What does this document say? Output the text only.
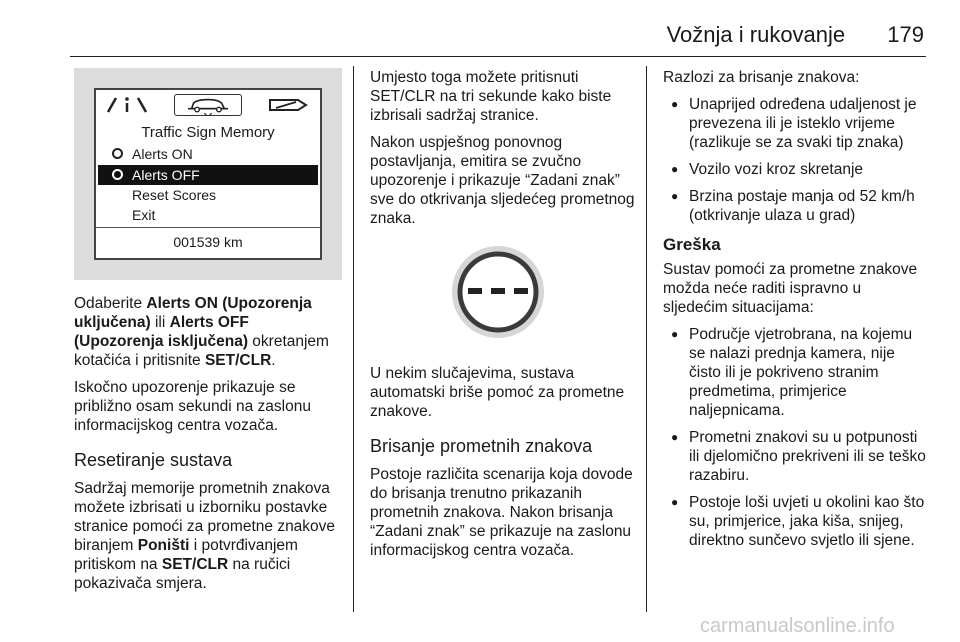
Vožnja i rukovanje 179
Traffic Sign Memory
Alerts ON
Alerts OFF
Reset Scores
Exit
001539 km

Odaberite Alerts ON (Upozorenja uključena) ili Alerts OFF (Upozorenja isključena) okretanjem kotačića i pritisnite SET/CLR.

Iskočno upozorenje prikazuje se približno osam sekundi na zaslonu informacijskog centra vozača.

Resetiranje sustava

Sadržaj memorije prometnih znakova možete izbrisati u izborniku postavke stranice pomoći za prometne znakove biranjem Poništi i potvrđivanjem pritiskom na SET/CLR na ručici pokazivača smjera.

Umjesto toga možete pritisnuti SET/CLR na tri sekunde kako biste izbrisali sadržaj stranice.

Nakon uspješnog ponovnog postavljanja, emitira se zvučno upozorenje i prikazuje “Zadani znak” sve do otkrivanja sljedećeg prometnog znaka.

U nekim slučajevima, sustava automatski briše pomoć za prometne znakove.

Brisanje prometnih znakova

Postoje različita scenarija koja dovode do brisanja trenutno prikazanih prometnih znakova. Nakon brisanja “Zadani znak” se prikazuje na zaslonu informacijskog centra vozača.

Razlozi za brisanje znakova:

● Unaprijed određena udaljenost je prevezena ili je isteklo vrijeme (razlikuje se za svaki tip znaka)
● Vozilo vozi kroz skretanje
● Brzina postaje manja od 52 km/h (otkrivanje ulaza u grad)
Greška

Sustav pomoći za prometne znakove možda neće raditi ispravno u sljedećim situacijama:

● Područje vjetrobrana, na kojemu se nalazi prednja kamera, nije čisto ili je pokriveno stranim predmetima, primjerice naljepnicama.
● Prometni znakovi su u potpunosti ili djelomično prekriveni ili se teško razabiru.
● Postoje loši uvjeti u okolini kao što su, primjerice, jaka kiša, snijeg, direktno sunčevo svjetlo ili sjene.
carmanualsonline.info
